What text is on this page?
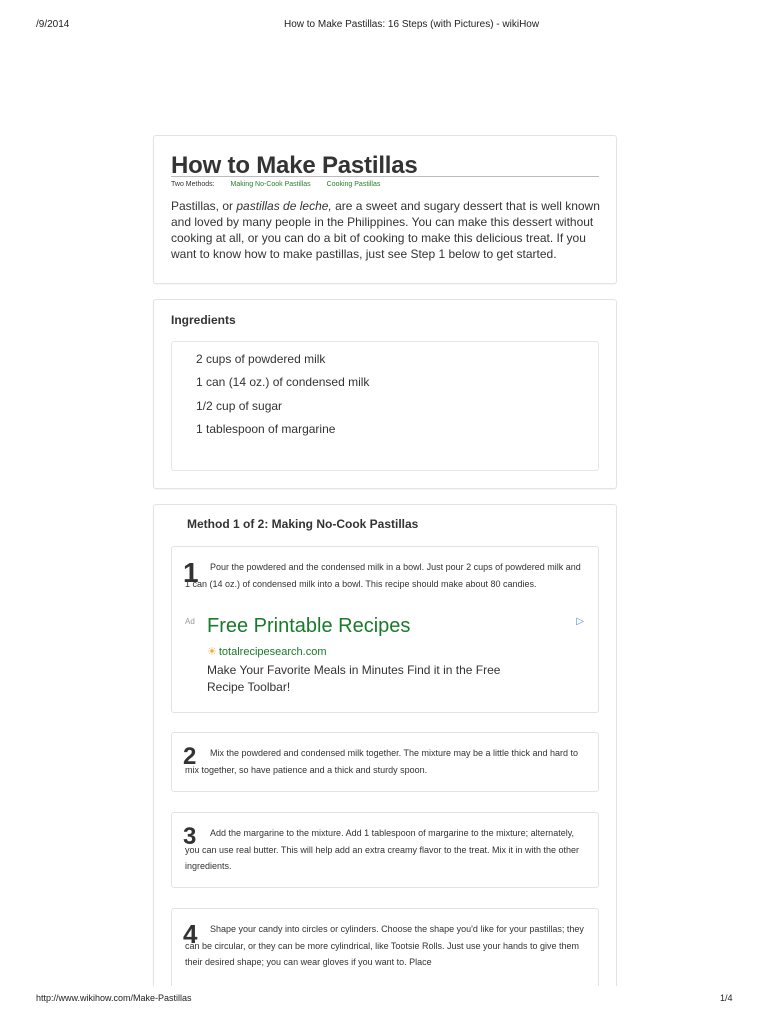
/9/2014	How to Make Pastillas: 16 Steps (with Pictures) - wikiHow
How to Make Pastillas
Two Methods: Making No-Cook Pastillas Cooking Pastillas
Pastillas, or pastillas de leche, are a sweet and sugary dessert that is well known and loved by many people in the Philippines. You can make this dessert without cooking at all, or you can do a bit of cooking to make this delicious treat. If you want to know how to make pastillas, just see Step 1 below to get started.
Ingredients
2 cups of powdered milk
1 can (14 oz.) of condensed milk
1/2 cup of sugar
1 tablespoon of margarine
Method 1 of 2: Making No-Cook Pastillas
1	Pour the powdered and the condensed milk in a bowl. Just pour 2 cups of powdered milk and 1 can (14 oz.) of condensed milk into a bowl. This recipe should make about 80 candies.
Ad	▷
Free Printable Recipes
☀ totalrecipesearch.com
Make Your Favorite Meals in Minutes Find it in the Free Recipe Toolbar!
2	Mix the powdered and condensed milk together. The mixture may be a little thick and hard to mix together, so have patience and a thick and sturdy spoon.
3	Add the margarine to the mixture. Add 1 tablespoon of margarine to the mixture; alternately, you can use real butter. This will help add an extra creamy flavor to the treat. Mix it in with the other ingredients.
4	Shape your candy into circles or cylinders. Choose the shape you'd like for your pastillas; they can be circular, or they can be more cylindrical, like Tootsie Rolls. Just use your hands to give them their desired shape; you can wear gloves if you want to. Place
http://www.wikihow.com/Make-Pastillas	1/4
